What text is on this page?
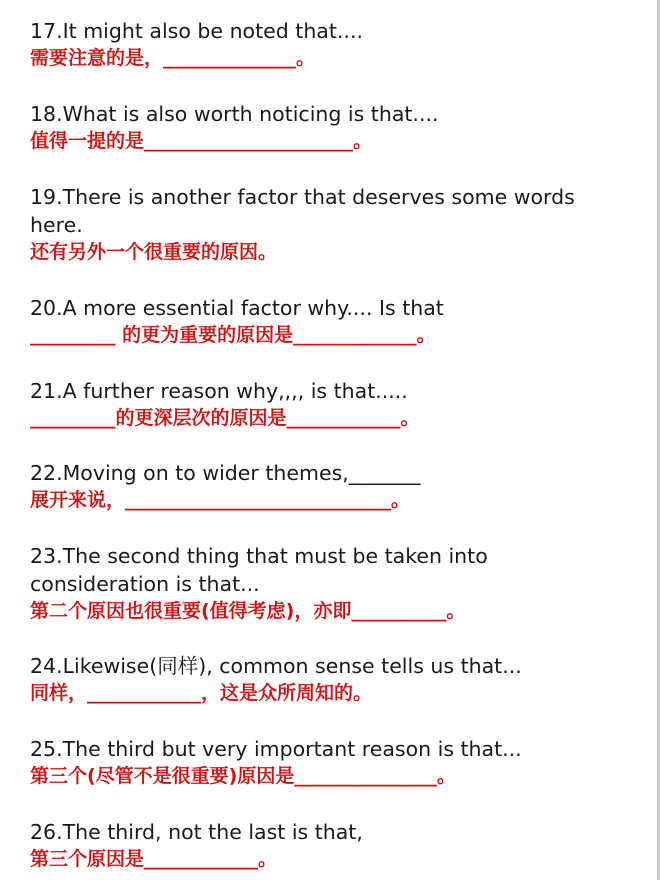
17.It might also be noted that....
需要注意的是，______________。
18.What is also worth noticing is that....
值得一提的是______________________。
19.There is another factor that deserves some words
here.
还有另外一个很重要的原因。
20.A more essential factor why.... Is that
_________ 的更为重要的原因是_____________。
21.A further reason why,,,, is that.....
_________的更深层次的原因是____________。
22.Moving on to wider themes,_______
展开来说，____________________________。
23.The second thing that must be taken into
consideration is that...
第二个原因也很重要(值得考虑)，亦即__________。
24.Likewise(同样), common sense tells us that...
同样，____________，这是众所周知的。
25.The third but very important reason is that...
第三个(尽管不是很重要)原因是_______________。
26.The third, not the last is that,
第三个原因是____________。
